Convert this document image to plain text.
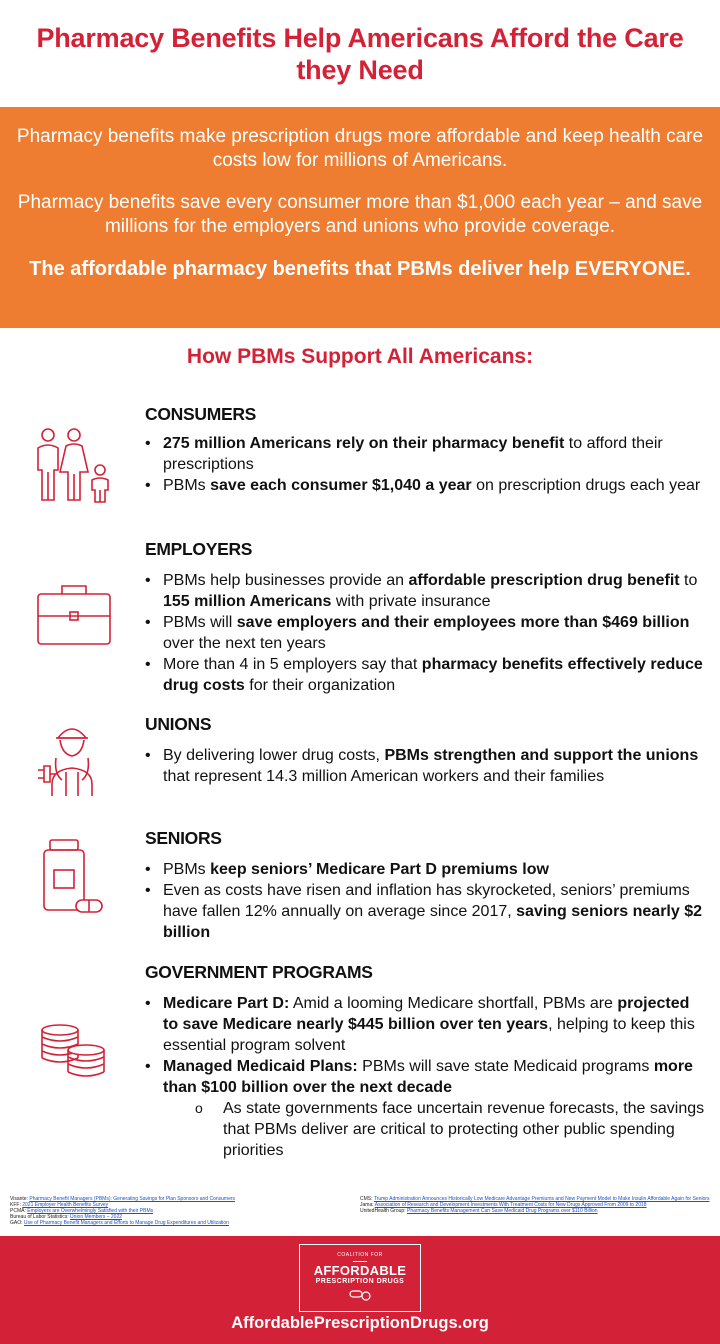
Pharmacy Benefits Help Americans Afford the Care they Need

Pharmacy benefits make prescription drugs more affordable and keep health care costs low for millions of Americans.

Pharmacy benefits save every consumer more than $1,000 each year – and save millions for the employers and unions who provide coverage.

The affordable pharmacy benefits that PBMs deliver help EVERYONE.

How PBMs Support All Americans:
CONSUMERS
• 275 million Americans rely on their pharmacy benefit to afford their prescriptions
• PBMs save each consumer $1,040 a year on prescription drugs each year
EMPLOYERS
• PBMs help businesses provide an affordable prescription drug benefit to 155 million Americans with private insurance
• PBMs will save employers and their employees more than $469 billion over the next ten years
• More than 4 in 5 employers say that pharmacy benefits effectively reduce drug costs for their organization
UNIONS
• By delivering lower drug costs, PBMs strengthen and support the unions that represent 14.3 million American workers and their families
SENIORS
• PBMs keep seniors’ Medicare Part D premiums low
• Even as costs have risen and inflation has skyrocketed, seniors’ premiums have fallen 12% annually on average since 2017, saving seniors nearly $2 billion
GOVERNMENT PROGRAMS
• Medicare Part D: Amid a looming Medicare shortfall, PBMs are projected to save Medicare nearly $445 billion over ten years, helping to keep this essential program solvent
• Managed Medicaid Plans: PBMs will save state Medicaid programs more than $100 billion over the next decade
o As state governments face uncertain revenue forecasts, the savings that PBMs deliver are critical to protecting other public spending priorities
Visante: Pharmacy Benefit Managers (PBMs): Generating Savings for Plan Sponsors and Consumers
KFF: 2021 Employer Health Benefits Survey
PCMA: Employers are Overwhelmingly Satisfied with their PBMs
Bureau of Labor Statistics: Union Members – 2022
GAO: Use of Pharmacy Benefit Managers and Efforts to Manage Drug Expenditures and Utilization
CMS: Trump Administration Announces Historically Low Medicare Advantage Premiums and New Payment Model to Make Insulin Affordable Again for Seniors
Jama: Association of Research and Development Investments With Treatment Costs for New Drugs Approved From 2009 to 2018
UnitedHealth Group: Pharmacy Benefits Management Can Save Medicaid Drug Programs over $110 Billion
COALITION FOR
AFFORDABLE
PRESCRIPTION DRUGS
AffordablePrescriptionDrugs.org
